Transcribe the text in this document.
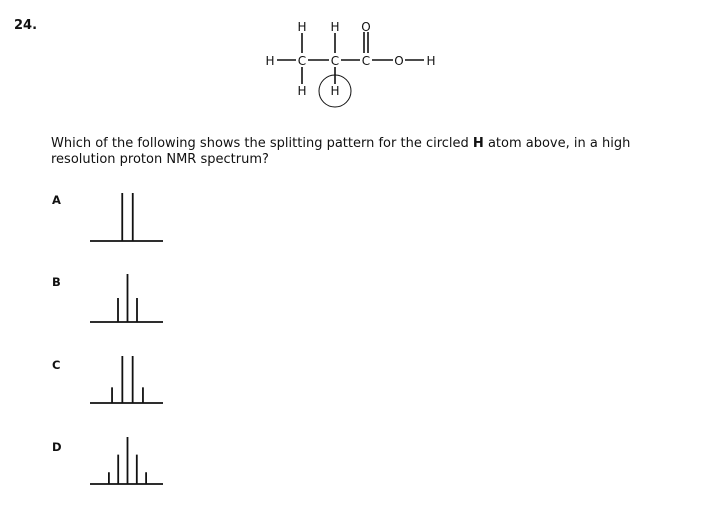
24.
H C C C O H
H H O
H H
Which of the following shows the splitting pattern for the circled H atom above, in a high resolution proton NMR spectrum?
A
B
C
D
